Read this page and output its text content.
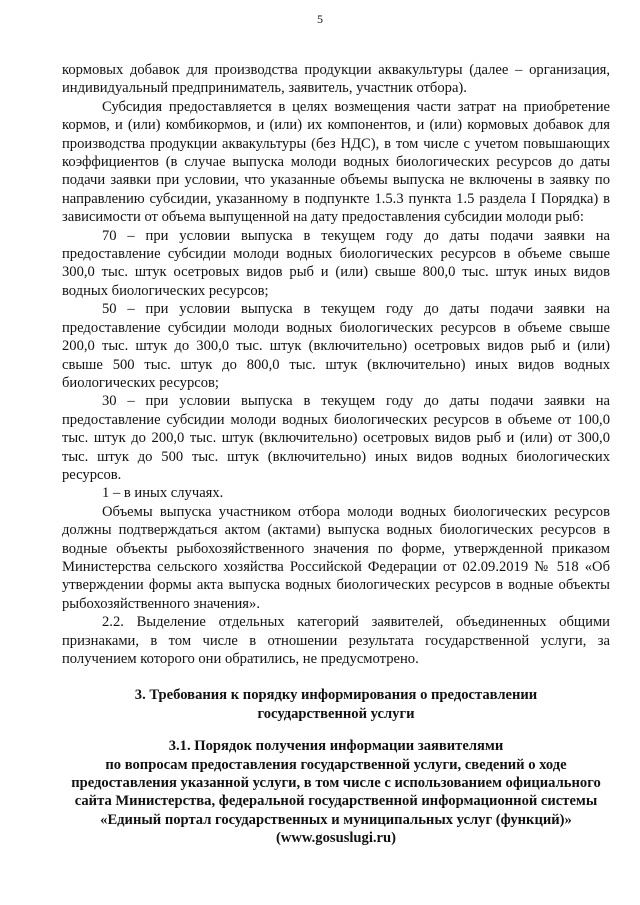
5

кормовых добавок для производства продукции аквакультуры (далее – организация, индивидуальный предприниматель, заявитель, участник отбора).

Субсидия предоставляется в целях возмещения части затрат на приобретение кормов, и (или) комбикормов, и (или) их компонентов, и (или) кормовых добавок для производства продукции аквакультуры (без НДС), в том числе с учетом повышающих коэффициентов (в случае выпуска молоди водных биологических ресурсов до даты подачи заявки при условии, что указанные объемы выпуска не включены в заявку по направлению субсидии, указанному в подпункте 1.5.3 пункта 1.5 раздела I Порядка) в зависимости от объема выпущенной на дату предоставления субсидии молоди рыб:

70 – при условии выпуска в текущем году до даты подачи заявки на предоставление субсидии молоди водных биологических ресурсов в объеме свыше 300,0 тыс. штук осетровых видов рыб и (или) свыше 800,0 тыс. штук иных видов водных биологических ресурсов;

50 – при условии выпуска в текущем году до даты подачи заявки на предоставление субсидии молоди водных биологических ресурсов в объеме свыше 200,0 тыс. штук до 300,0 тыс. штук (включительно) осетровых видов рыб и (или) свыше 500 тыс. штук до 800,0 тыс. штук (включительно) иных видов водных биологических ресурсов;

30 – при условии выпуска в текущем году до даты подачи заявки на предоставление субсидии молоди водных биологических ресурсов в объеме от 100,0 тыс. штук до 200,0 тыс. штук (включительно) осетровых видов рыб и (или) от 300,0 тыс. штук до 500 тыс. штук (включительно) иных видов водных биологических ресурсов.

1 – в иных случаях.

Объемы выпуска участником отбора молоди водных биологических ресурсов должны подтверждаться актом (актами) выпуска водных биологических ресурсов в водные объекты рыбохозяйственного значения по форме, утвержденной приказом Министерства сельского хозяйства Российской Федерации от 02.09.2019 № 518 «Об утверждении формы акта выпуска водных биологических ресурсов в водные объекты рыбохозяйственного значения».

2.2. Выделение отдельных категорий заявителей, объединенных общими признаками, в том числе в отношении результата государственной услуги, за получением которого они обратились, не предусмотрено.

3. Требования к порядку информирования о предоставлении
государственной услуги

3.1. Порядок получения информации заявителями
по вопросам предоставления государственной услуги, сведений о ходе
предоставления указанной услуги, в том числе с использованием официального
сайта Министерства, федеральной государственной информационной системы
«Единый портал государственных и муниципальных услуг (функций)»
(www.gosuslugi.ru)
